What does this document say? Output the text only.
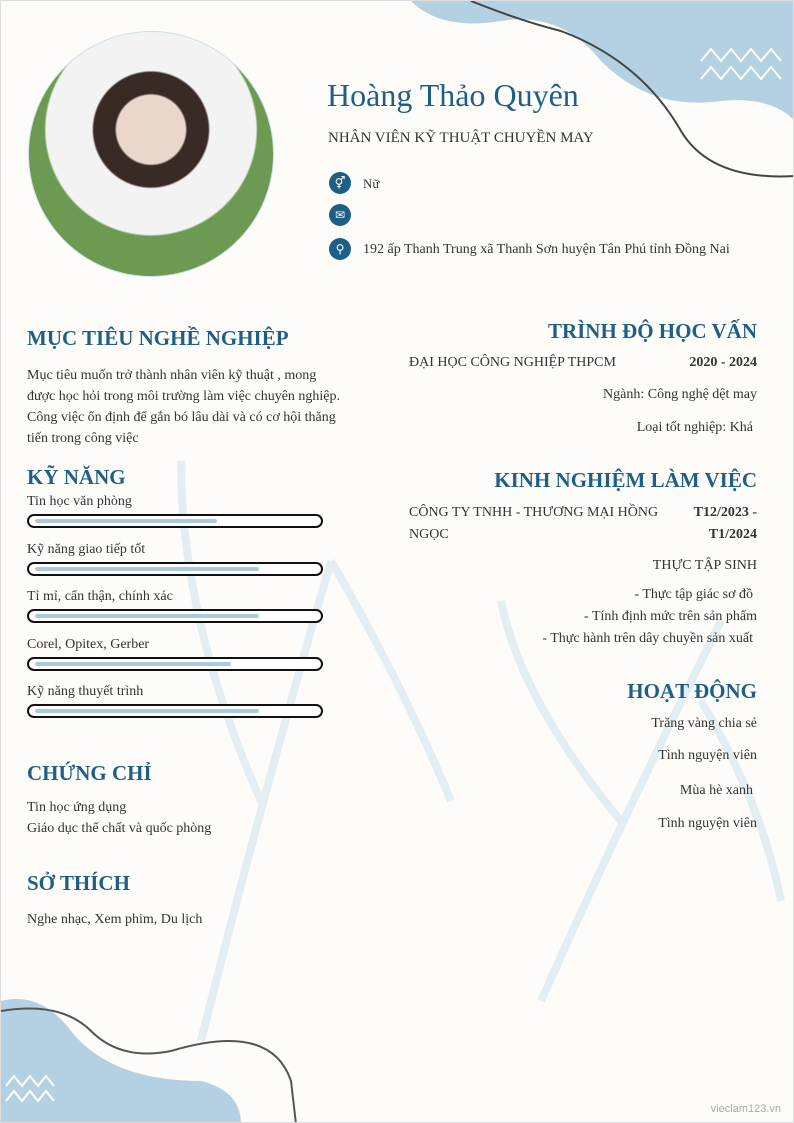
Hoàng Thảo Quyên
NHÂN VIÊN KỸ THUẬT CHUYỀN MAY
⚥	Nữ
✉
⚲	192 ấp Thanh Trung xã Thanh Sơn huyện Tân Phú tỉnh Đồng Nai
MỤC TIÊU NGHỀ NGHIỆP
Mục tiêu muốn trở thành nhân viên kỹ thuật , mong được học hỏi trong môi trường làm việc chuyên nghiệp. Công việc ổn định để gắn bó lâu dài và có cơ hội thăng tiến trong công việc
KỸ NĂNG
Tin học văn phòng
Kỹ năng giao tiếp tốt
Tỉ mỉ, cẩn thận, chính xác
Corel, Opitex, Gerber
Kỹ năng thuyết trình
CHỨNG CHỈ
Tin học ứng dụng
Giáo dục thể chất và quốc phòng
SỞ THÍCH
Nghe nhạc, Xem phim, Du lịch
TRÌNH ĐỘ HỌC VẤN
ĐẠI HỌC CÔNG NGHIỆP THPCM	2020 - 2024
Ngành: Công nghệ dệt may
Loại tốt nghiệp: Khá
KINH NGHIỆM LÀM VIỆC
CÔNG TY TNHH - THƯƠNG MẠI HỒNG NGỌC
T12/2023 - T1/2024
THỰC TẬP SINH
- Thực tập giác sơ đồ
- Tính định mức trên sản phẩm
- Thực hành trên dây chuyền sản xuất
HOẠT ĐỘNG
Trăng vàng chia sẻ
Tình nguyện viên
Mùa hè xanh
Tình nguyện viên
vieclam123.vn
